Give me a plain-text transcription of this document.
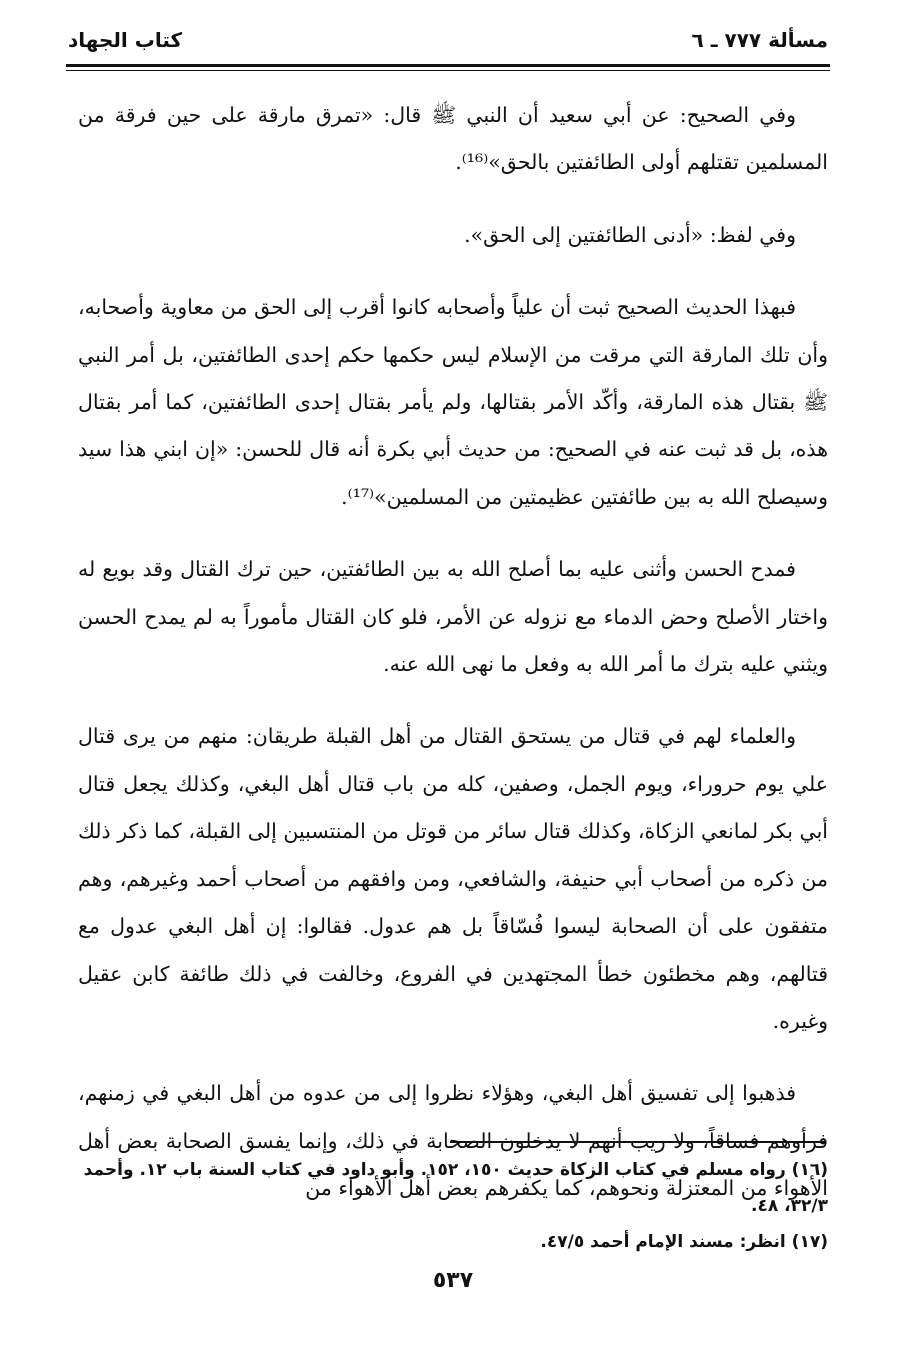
مسألة ٧٧٧ ـ ٦
كتاب الجهاد

وفي الصحيح: عن أبي سعيد أن النبي ﷺ قال: «تمرق مارقة على حين فرقة من المسلمين تقتلهم أولى الطائفتين بالحق»⁽¹⁶⁾.

وفي لفظ: «أدنى الطائفتين إلى الحق».

فبهذا الحديث الصحيح ثبت أن علياً وأصحابه كانوا أقرب إلى الحق من معاوية وأصحابه، وأن تلك المارقة التي مرقت من الإسلام ليس حكمها حكم إحدى الطائفتين، بل أمر النبي ﷺ بقتال هذه المارقة، وأكّد الأمر بقتالها، ولم يأمر بقتال إحدى الطائفتين، كما أمر بقتال هذه، بل قد ثبت عنه في الصحيح: من حديث أبي بكرة أنه قال للحسن: «إن ابني هذا سيد وسيصلح الله به بين طائفتين عظيمتين من المسلمين»⁽¹⁷⁾.

فمدح الحسن وأثنى عليه بما أصلح الله به بين الطائفتين، حين ترك القتال وقد بويع له واختار الأصلح وحض الدماء مع نزوله عن الأمر، فلو كان القتال مأموراً به لم يمدح الحسن ويثني عليه بترك ما أمر الله به وفعل ما نهى الله عنه.

والعلماء لهم في قتال من يستحق القتال من أهل القبلة طريقان: منهم من يرى قتال علي يوم حروراء، ويوم الجمل، وصفين، كله من باب قتال أهل البغي، وكذلك يجعل قتال أبي بكر لمانعي الزكاة، وكذلك قتال سائر من قوتل من المنتسبين إلى القبلة، كما ذكر ذلك من ذكره من أصحاب أبي حنيفة، والشافعي، ومن وافقهم من أصحاب أحمد وغيرهم، وهم متفقون على أن الصحابة ليسوا فُسّاقاً بل هم عدول. فقالوا: إن أهل البغي عدول مع قتالهم، وهم مخطئون خطأ المجتهدين في الفروع، وخالفت في ذلك طائفة كابن عقيل وغيره.

فذهبوا إلى تفسيق أهل البغي، وهؤلاء نظروا إلى من عدوه من أهل البغي في زمنهم، فرأوهم فساقاً، ولا ريب أنهم لا يدخلون الصحابة في ذلك، وإنما يفسق الصحابة بعض أهل الأهواء من المعتزلة ونحوهم، كما يكفرهم بعض أهل الأهواء من

(١٦) رواه مسلم في كتاب الزكاة حديث ١٥٠، ١٥٢. وأبو داود في كتاب السنة باب ١٢. وأحمد ٣٢/٣، ٤٨.

(١٧) انظر: مسند الإمام أحمد ٤٧/٥.

٥٣٧
